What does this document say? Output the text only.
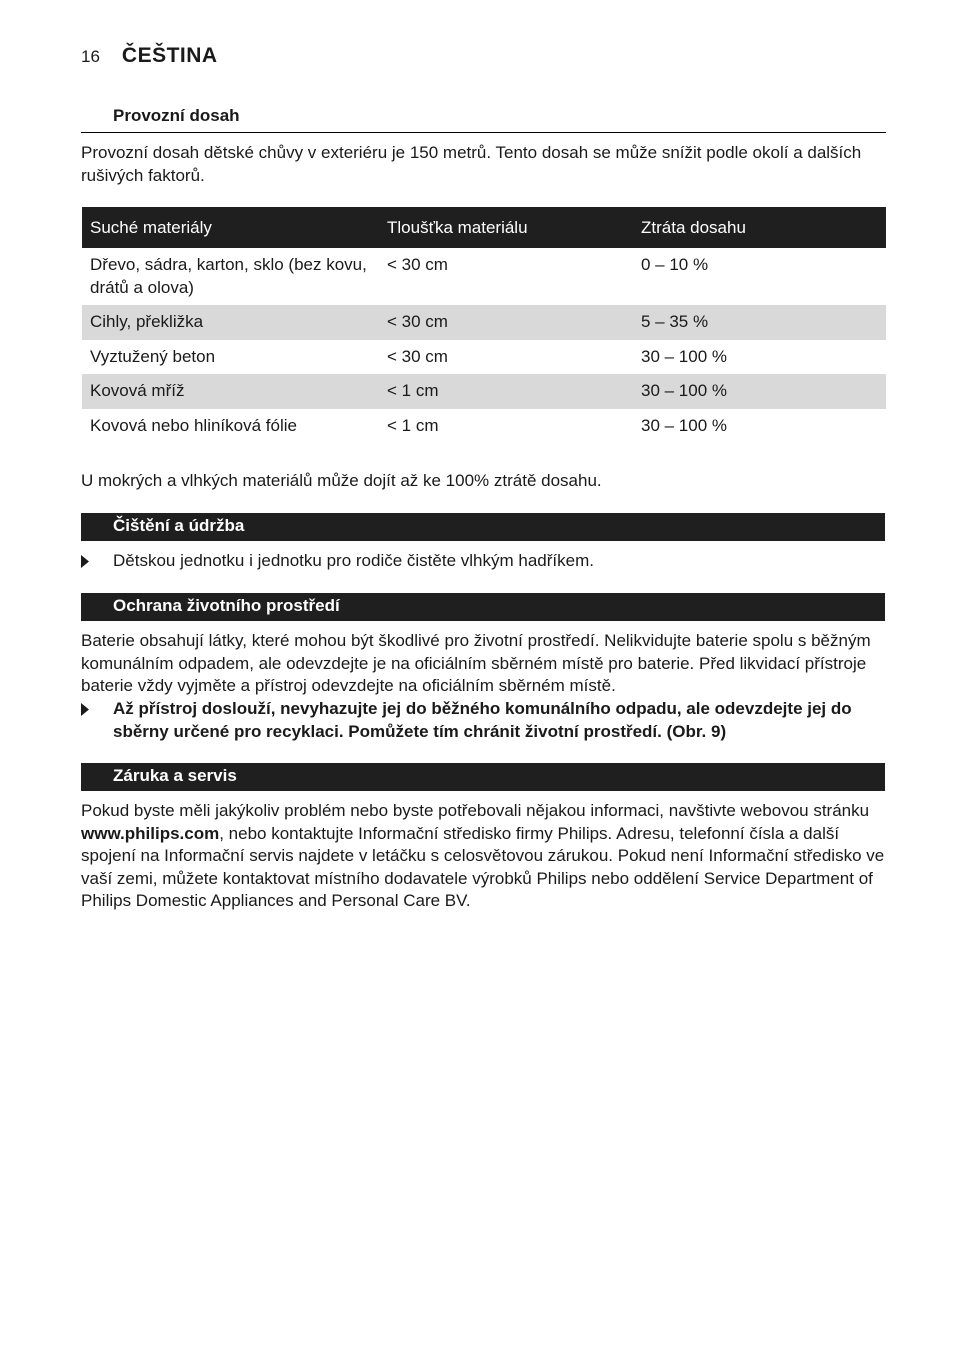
16 ČEŠTINA
Provozní dosah
Provozní dosah dětské chůvy v exteriéru je 150 metrů. Tento dosah se může snížit podle okolí a dalších rušivých faktorů.
Suché materiály	Tloušťka materiálu	Ztráta dosahu
Dřevo, sádra, karton, sklo (bez kovu, drátů a olova)	< 30 cm	0 – 10 %
Cihly, překližka	< 30 cm	5 – 35 %
Vyztužený beton	< 30 cm	30 – 100 %
Kovová mříž	< 1 cm	30 – 100 %
Kovová nebo hliníková fólie	< 1 cm	30 – 100 %
U mokrých a vlhkých materiálů může dojít až ke 100% ztrátě dosahu.
Čištění a údržba
Dětskou jednotku i jednotku pro rodiče čistěte vlhkým hadříkem.
Ochrana životního prostředí
Baterie obsahují látky, které mohou být škodlivé pro životní prostředí. Nelikvidujte baterie spolu s běžným komunálním odpadem, ale odevzdejte je na oficiálním sběrném místě pro baterie. Před likvidací přístroje baterie vždy vyjměte a přístroj odevzdejte na oficiálním sběrném místě.
Až přístroj doslouží, nevyhazujte jej do běžného komunálního odpadu, ale odevzdejte jej do sběrny určené pro recyklaci. Pomůžete tím chránit životní prostředí. (Obr. 9)
Záruka a servis
Pokud byste měli jakýkoliv problém nebo byste potřebovali nějakou informaci, navštivte webovou stránku www.philips.com, nebo kontaktujte Informační středisko firmy Philips. Adresu, telefonní čísla a další spojení na Informační servis najdete v letáčku s celosvětovou zárukou. Pokud není Informační středisko ve vaší zemi, můžete kontaktovat místního dodavatele výrobků Philips nebo oddělení Service Department of Philips Domestic Appliances and Personal Care BV.
